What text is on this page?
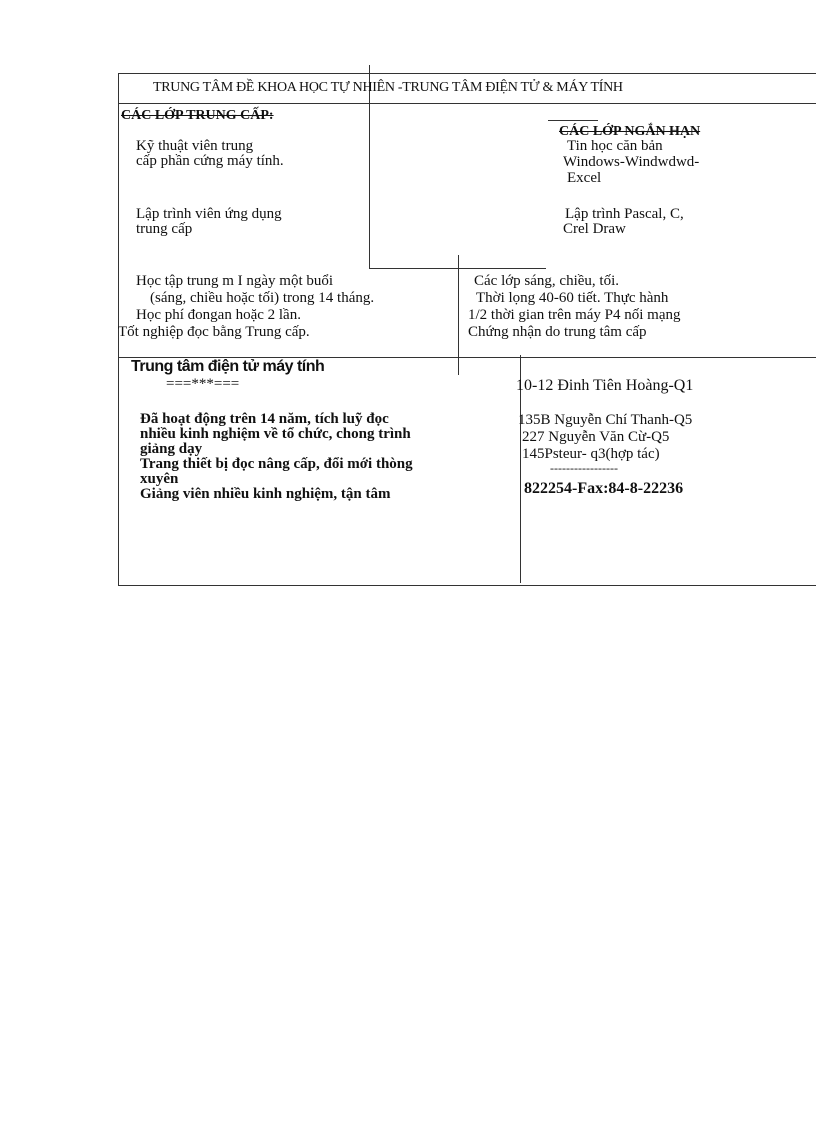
TRUNG TÂM ĐỀ KHOA HỌC TỰ NHIÊN -TRUNG TÂM ĐIỆN TỬ & MÁY TÍNH
CÁC LỚP TRUNG CẤP:
Kỹ thuật viên trung
cấp phần cứng máy tính.
Lập trình viên ứng dụng
trung cấp
Học tập trung m I ngày một buổi
(sáng, chiều hoặc tối) trong 14 tháng.
Học phí đongan hoặc 2 lần.
Tốt nghiệp đọc bằng Trung cấp.
CÁC LỚP NGẮN HẠN
Tin học căn bản
Windows-Windwdwd-
Excel
Lập trình Pascal, C,
Crel Draw
Các lớp sáng, chiều, tối.
Thời lọng 40-60 tiết. Thực hành
1/2 thời gian trên máy P4 nối mạng
Chứng nhận do trung tâm cấp
Trung tâm điện tử máy tính
===***===
Đã hoạt động trên 14 năm, tích luỹ đọc
nhiều kinh nghiệm về tổ chức, chong trình
giảng dạy
Trang thiết bị đọc nâng cấp, đổi mới thòng
xuyên
Giảng viên nhiều kinh nghiệm, tận tâm
10-12 Đinh Tiên Hoàng-Q1
135B Nguyễn Chí Thanh-Q5
227 Nguyễn Văn Cừ-Q5
145Psteur- q3(hợp tác)
-----------------
822254-Fax:84-8-22236
